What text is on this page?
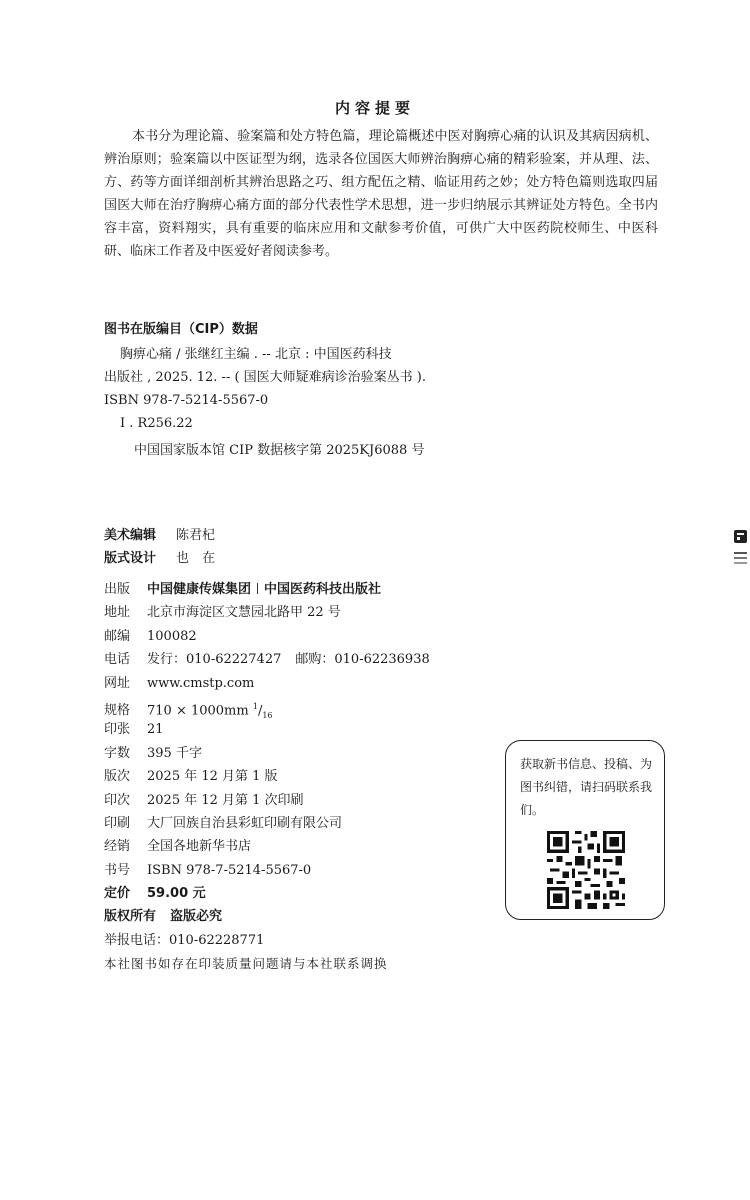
内容提要

本书分为理论篇、验案篇和处方特色篇，理论篇概述中医对胸痹心痛的认识及其病因病机、辨治原则；验案篇以中医证型为纲，选录各位国医大师辨治胸痹心痛的精彩验案，并从理、法、方、药等方面详细剖析其辨治思路之巧、组方配伍之精、临证用药之妙；处方特色篇则选取四届国医大师在治疗胸痹心痛方面的部分代表性学术思想，进一步归纳展示其辨证处方特色。全书内容丰富，资料翔实，具有重要的临床应用和文献参考价值，可供广大中医药院校师生、中医科研、临床工作者及中医爱好者阅读参考。

图书在版编目（CIP）数据
胸痹心痛 / 张继红主编 . -- 北京 : 中国医药科技
出版社 , 2025. 12. -- ( 国医大师疑难病诊治验案丛书 ).
ISBN 978-7-5214-5567-0
Ⅰ . R256.22
中国国家版本馆 CIP 数据核字第 2025KJ6088 号
美术编辑 陈君杞
版式设计 也　在
出版 中国健康传媒集团 中国医药科技出版社
地址 北京市海淀区文慧园北路甲 22 号
邮编 100082
电话 发行：010-62227427 邮购：010-62236938
网址 www.cmstp.com
规格 710 × 1000mm $^1/_{16}$
印张 21
字数 395 千字
版次 2025 年 12 月第 1 版
印次 2025 年 12 月第 1 次印刷
印刷 大厂回族自治县彩虹印刷有限公司
经销 全国各地新华书店
书号 ISBN 978-7-5214-5567-0
定价 59.00 元
版权所有 盗版必究
举报电话：010-62228771
本社图书如存在印装质量问题请与本社联系调换
获取新书信息、投稿、为图书纠错，请扫码联系我们。
